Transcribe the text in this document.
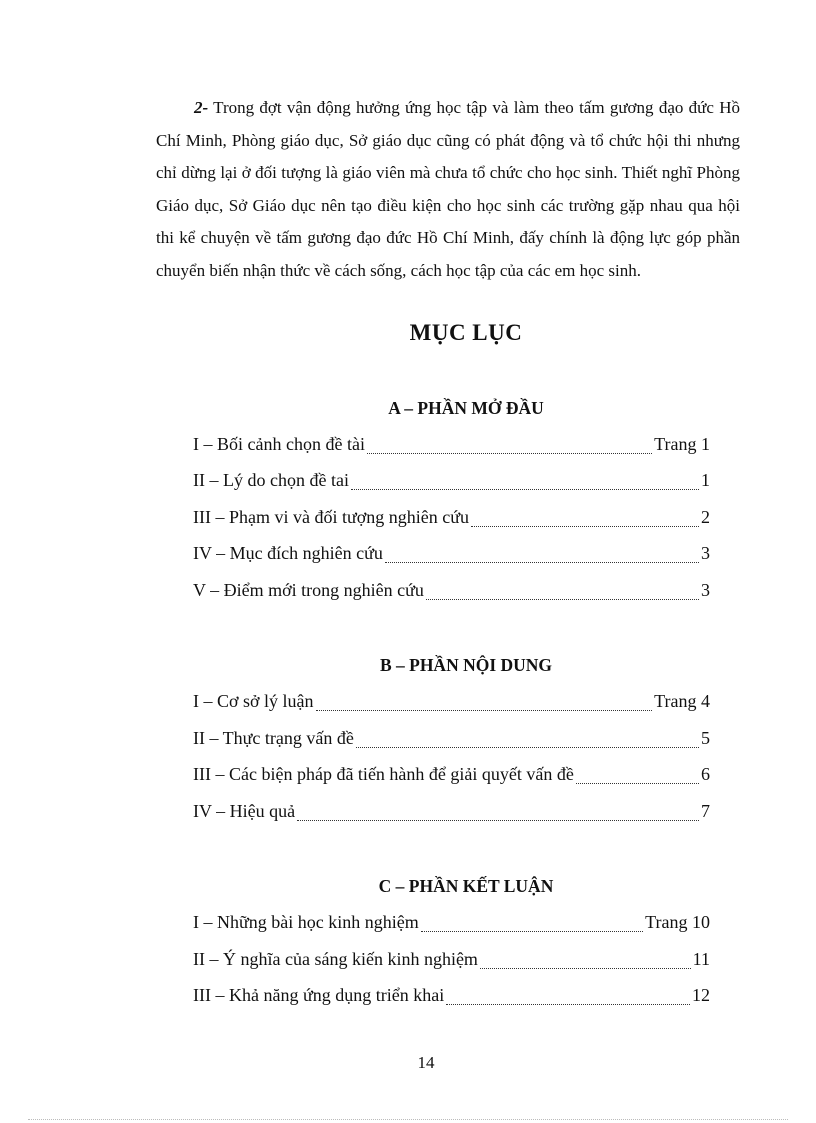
2- Trong đợt vận động hưởng ứng học tập và làm theo tấm gương đạo đức Hồ Chí Minh, Phòng giáo dục, Sở giáo dục cũng có phát động và tổ chức hội thi nhưng chỉ dừng lại ở đối tượng là giáo viên mà chưa tổ chức cho học sinh. Thiết nghĩ Phòng Giáo dục, Sở Giáo dục nên tạo điều kiện cho học sinh các trường gặp nhau qua hội thi kể chuyện về tấm gương đạo đức Hồ Chí Minh, đấy chính là động lực góp phần chuyển biến nhận thức về cách sống, cách học tập của các em học sinh.
MỤC LỤC
A – PHẦN MỞ ĐẦU
I – Bối cảnh chọn đề tài	Trang 1
II – Lý do chọn đề tai	1
III – Phạm vi và đối tượng nghiên cứu	2
IV – Mục đích nghiên cứu	3
V – Điểm mới trong nghiên cứu	3
B – PHẦN NỘI DUNG
I – Cơ sở lý luận	Trang 4
II – Thực trạng vấn đề	5
III – Các biện pháp đã tiến hành để giải quyết vấn đề	6
IV – Hiệu quả	7
C – PHẦN KẾT LUẬN
I – Những bài học kinh nghiệm	Trang 10
II – Ý nghĩa của sáng kiến kinh nghiệm	11
III – Khả năng ứng dụng triển khai	12
14
